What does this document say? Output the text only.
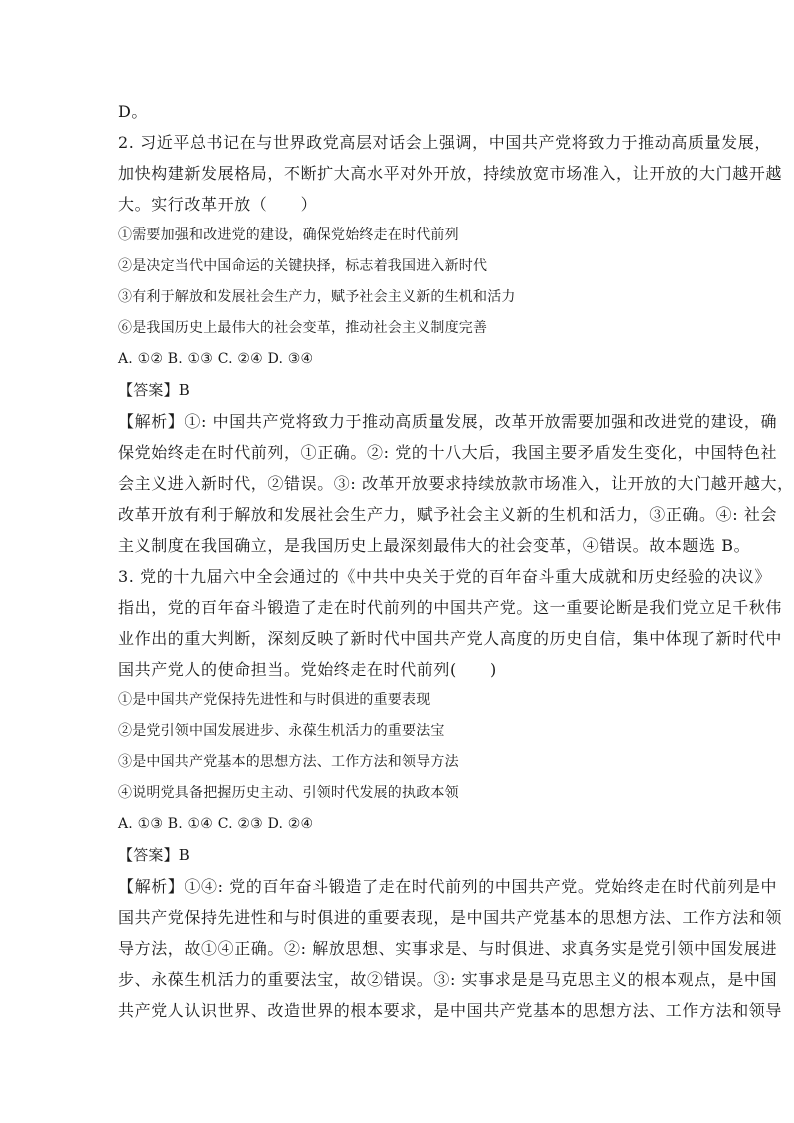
D。
2. 习近平总书记在与世界政党高层对话会上强调，中国共产党将致力于推动高质量发展，
加快构建新发展格局，不断扩大高水平对外开放，持续放宽市场准入，让开放的大门越开越
大。实行改革开放（　　）
①需要加强和改进党的建设，确保党始终走在时代前列
②是决定当代中国命运的关键抉择，标志着我国进入新时代
③有利于解放和发展社会生产力，赋予社会主义新的生机和活力
⑥是我国历史上最伟大的社会变革，推动社会主义制度完善
A. ①② B. ①③ C. ②④ D. ③④
【答案】B
【解析】①: 中国共产党将致力于推动高质量发展，改革开放需要加强和改进党的建设，确
保党始终走在时代前列，①正确。②: 党的十八大后，我国主要矛盾发生变化，中国特色社
会主义进入新时代，②错误。③: 改革开放要求持续放款市场准入，让开放的大门越开越大，
改革开放有利于解放和发展社会生产力，赋予社会主义新的生机和活力，③正确。④: 社会
主义制度在我国确立，是我国历史上最深刻最伟大的社会变革，④错误。故本题选 B。
3. 党的十九届六中全会通过的《中共中央关于党的百年奋斗重大成就和历史经验的决议》
指出，党的百年奋斗锻造了走在时代前列的中国共产党。这一重要论断是我们党立足千秋伟
业作出的重大判断，深刻反映了新时代中国共产党人高度的历史自信，集中体现了新时代中
国共产党人的使命担当。党始终走在时代前列(　　)
①是中国共产党保持先进性和与时俱进的重要表现
②是党引领中国发展进步、永葆生机活力的重要法宝
③是中国共产党基本的思想方法、工作方法和领导方法
④说明党具备把握历史主动、引领时代发展的执政本领
A. ①③ B. ①④ C. ②③ D. ②④
【答案】B
【解析】①④: 党的百年奋斗锻造了走在时代前列的中国共产党。党始终走在时代前列是中
国共产党保持先进性和与时俱进的重要表现，是中国共产党基本的思想方法、工作方法和领
导方法，故①④正确。②: 解放思想、实事求是、与时俱进、求真务实是党引领中国发展进
步、永葆生机活力的重要法宝，故②错误。③: 实事求是是马克思主义的根本观点，是中国
共产党人认识世界、改造世界的根本要求，是中国共产党基本的思想方法、工作方法和领导
